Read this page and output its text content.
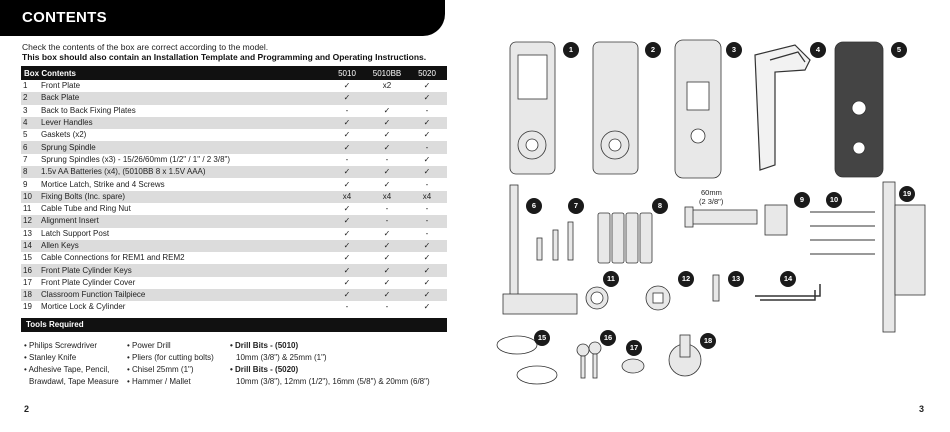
CONTENTS
Check the contents of the box are correct according to the model.
This box should also contain an Installation Template and Programming and Operating Instructions.
Box Contents		5010	5010BB	5020
1	Front Plate	✓	x2	✓
2	Back Plate	✓		✓
3	Back to Back Fixing Plates	-	✓	-
4	Lever Handles	✓	✓	✓
5	Gaskets (x2)	✓	✓	✓
6	Sprung Spindle	✓	✓	-
7	Sprung Spindles (x3) - 15/26/60mm (1/2" / 1" / 2 3/8")	-	-	✓
8	1.5v AA Batteries (x4), (5010BB 8 x 1.5V AAA)	✓	✓	✓
9	Mortice Latch, Strike and 4 Screws	✓	✓	-
10	Fixing Bolts (Inc. spare)	x4	x4	x4
11	Cable Tube and Ring Nut	✓	-	-
12	Alignment Insert	✓	-	-
13	Latch Support Post	✓	✓	-
14	Allen Keys	✓	✓	✓
15	Cable Connections for REM1 and REM2	✓	✓	✓
16	Front Plate Cylinder Keys	✓	✓	✓
17	Front Plate Cylinder Cover	✓	✓	✓
18	Classroom Function Tailpiece	✓	✓	✓
19	Mortice Lock & Cylinder	-	-	✓
Tools Required
• Philips Screwdriver
• Stanley Knife
• Adhesive Tape, Pencil,
Brawdawl, Tape Measure
• Power Drill
• Pliers (for cutting bolts)
• Chisel 25mm (1")
• Hammer / Mallet
• Drill Bits - (5010)
10mm (3/8") & 25mm (1")
• Drill Bits - (5020)
10mm (3/8"), 12mm (1/2"), 16mm (5/8") & 20mm (6/8")
2
60mm
(2 3/8")
1	2	3	4	5
6	7	8
9	10
11	12	13	14
15	16
17
18
19
3
